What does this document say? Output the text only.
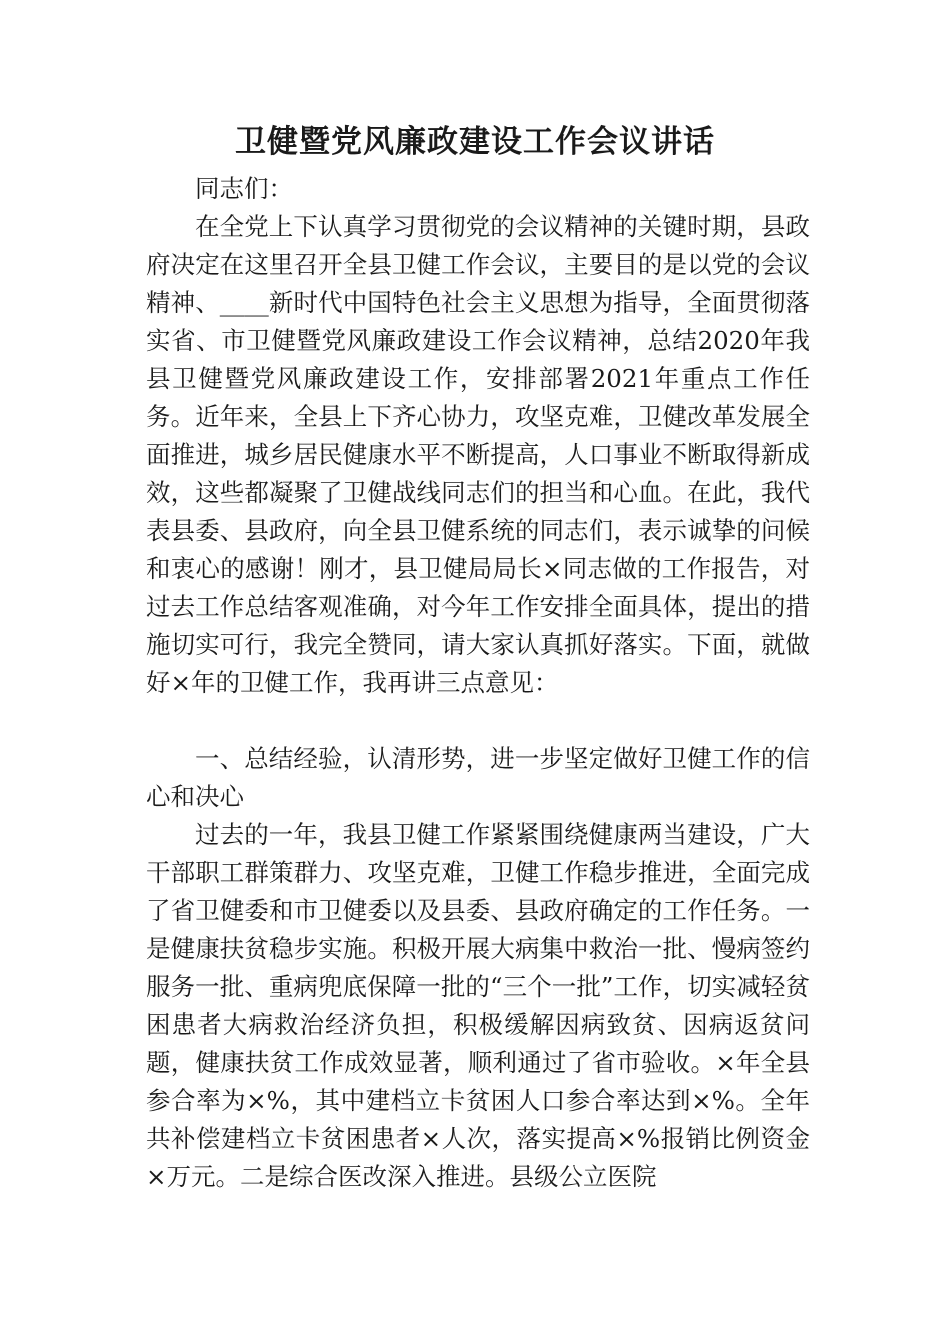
卫健暨党风廉政建设工作会议讲话

同志们：

在全党上下认真学习贯彻党的会议精神的关键时期，县政府决定在这里召开全县卫健工作会议，主要目的是以党的会议精神、____新时代中国特色社会主义思想为指导，全面贯彻落实省、市卫健暨党风廉政建设工作会议精神，总结2020年我县卫健暨党风廉政建设工作，安排部署2021年重点工作任务。近年来，全县上下齐心协力，攻坚克难，卫健改革发展全面推进，城乡居民健康水平不断提高，人口事业不断取得新成效，这些都凝聚了卫健战线同志们的担当和心血。在此，我代表县委、县政府，向全县卫健系统的同志们，表示诚挚的问候和衷心的感谢！刚才，县卫健局局长×同志做的工作报告，对过去工作总结客观准确，对今年工作安排全面具体，提出的措施切实可行，我完全赞同，请大家认真抓好落实。下面，就做好×年的卫健工作，我再讲三点意见：

一、总结经验，认清形势，进一步坚定做好卫健工作的信心和决心

过去的一年，我县卫健工作紧紧围绕健康两当建设，广大干部职工群策群力、攻坚克难，卫健工作稳步推进，全面完成了省卫健委和市卫健委以及县委、县政府确定的工作任务。一是健康扶贫稳步实施。积极开展大病集中救治一批、慢病签约服务一批、重病兜底保障一批的“三个一批”工作，切实减轻贫困患者大病救治经济负担，积极缓解因病致贫、因病返贫问题，健康扶贫工作成效显著，顺利通过了省市验收。×年全县参合率为×%，其中建档立卡贫困人口参合率达到×%。全年共补偿建档立卡贫困患者×人次，落实提高×%报销比例资金×万元。二是综合医改深入推进。县级公立医院
